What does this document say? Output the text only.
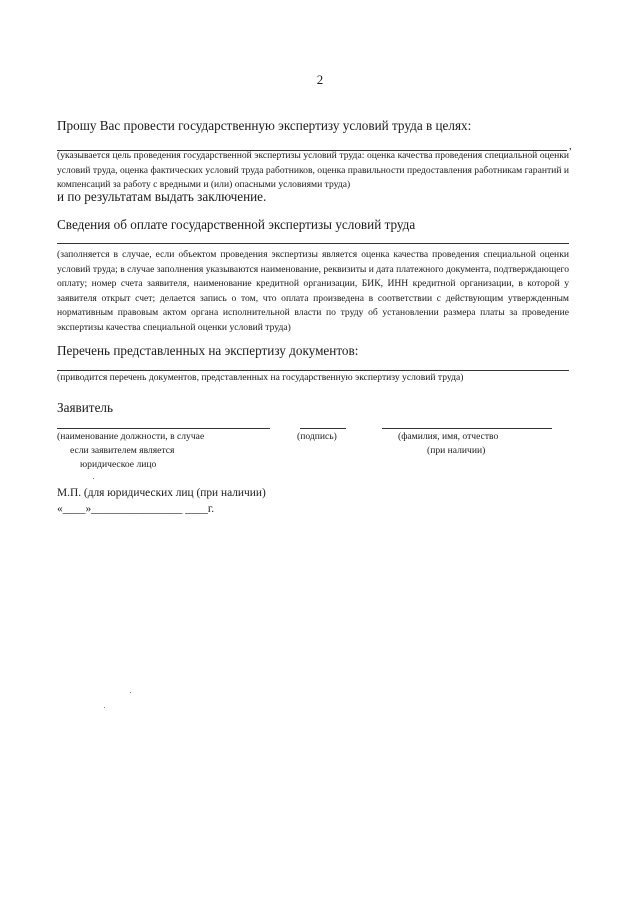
2
Прошу Вас провести государственную экспертизу условий труда в целях:
,
(указывается цель проведения государственной экспертизы условий труда: оценка качества проведения специальной оценки условий труда, оценка фактических условий труда работников, оценка правильности предоставления работникам гарантий и компенсаций за работу с вредными и (или) опасными условиями труда)
и по результатам выдать заключение.
Сведения об оплате государственной экспертизы условий труда
(заполняется в случае, если объектом проведения экспертизы является оценка качества проведения специальной оценки условий труда; в случае заполнения указываются наименование, реквизиты и дата платежного документа, подтверждающего оплату; номер счета заявителя, наименование кредитной организации, БИК, ИНН кредитной организации, в которой у заявителя открыт счет; делается запись о том, что оплата произведена в соответствии с действующим утвержденным нормативным правовым актом органа исполнительной власти по труду об установлении размера платы за проведение экспертизы качества специальной оценки условий труда)
Перечень представленных на экспертизу документов:
(приводится перечень документов, представленных на государственную экспертизу условий труда)
Заявитель
(наименование должности, в случае
если заявителем является
юридическое лицо
(подпись)	(фамилия, имя, отчество
(при наличии)
М.П. (для юридических лиц (при наличии)
«____»________________ ____г.
